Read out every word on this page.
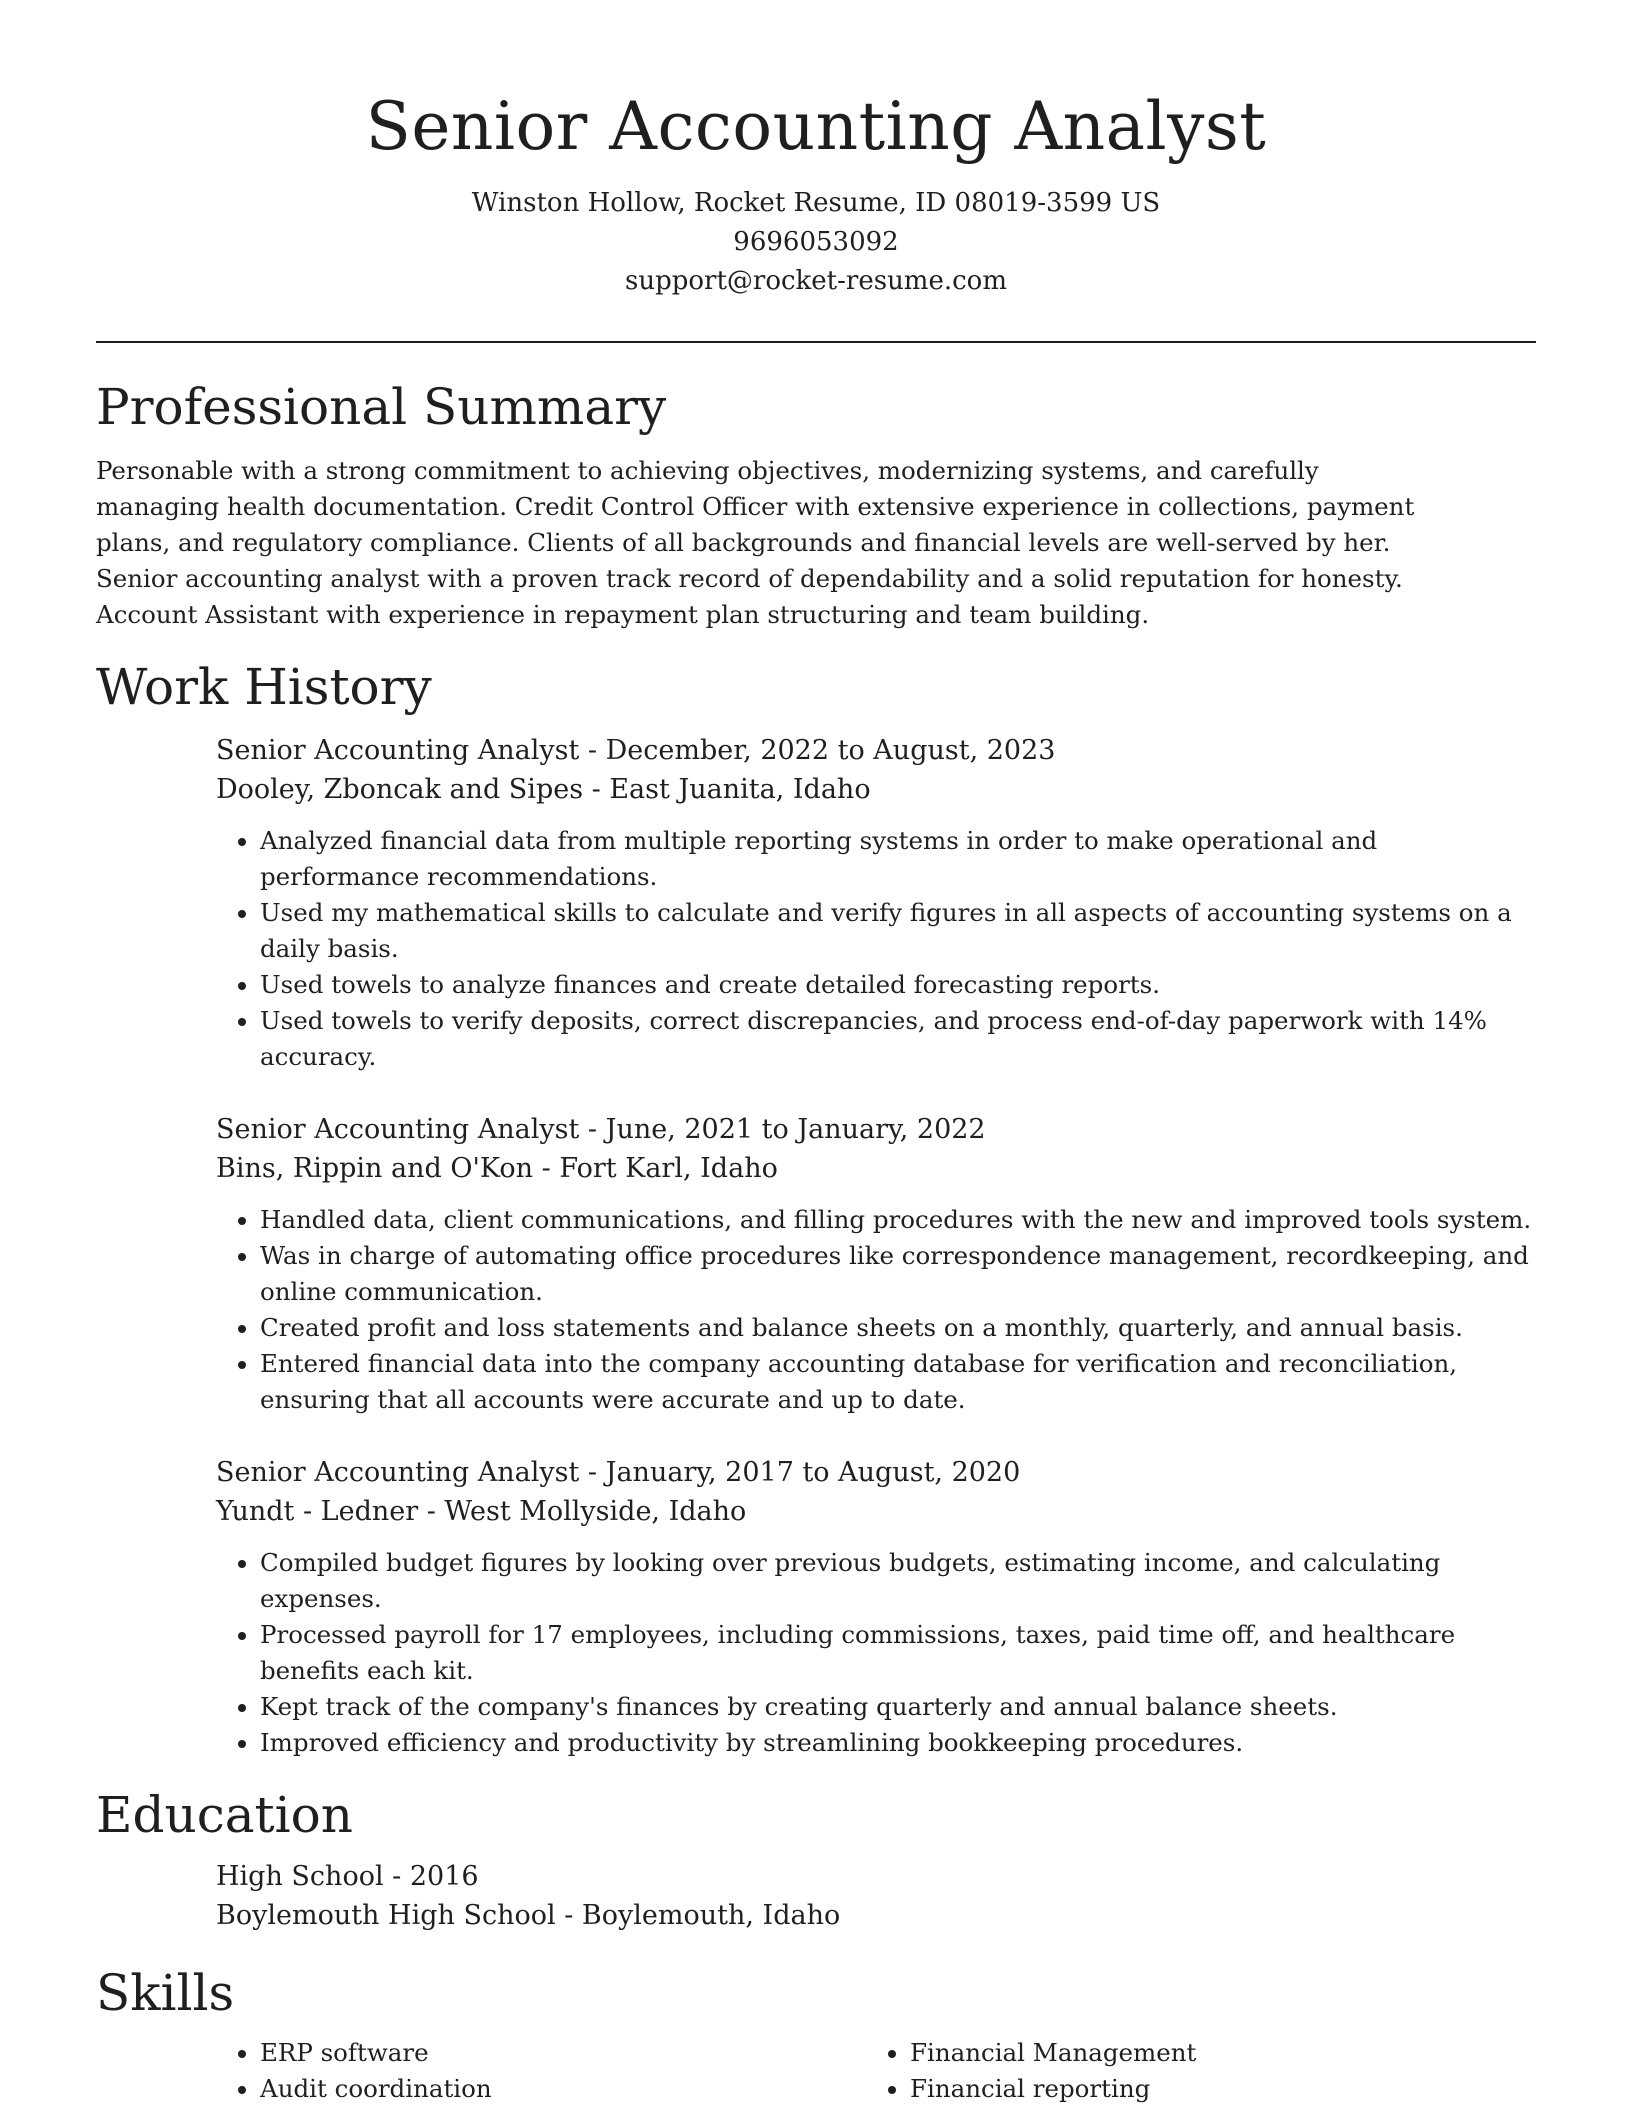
Senior Accounting Analyst

Winston Hollow, Rocket Resume, ID 08019-3599 US

9696053092

support@rocket-resume.com

Professional Summary

Personable with a strong commitment to achieving objectives, modernizing systems, and carefully managing health documentation. Credit Control Officer with extensive experience in collections, payment plans, and regulatory compliance. Clients of all backgrounds and financial levels are well-served by her. Senior accounting analyst with a proven track record of dependability and a solid reputation for honesty. Account Assistant with experience in repayment plan structuring and team building.

Work History

Senior Accounting Analyst - December, 2022 to August, 2023

Dooley, Zboncak and Sipes - East Juanita, Idaho

• Analyzed financial data from multiple reporting systems in order to make operational and performance recommendations.
• Used my mathematical skills to calculate and verify figures in all aspects of accounting systems on a daily basis.
• Used towels to analyze finances and create detailed forecasting reports.
• Used towels to verify deposits, correct discrepancies, and process end-of-day paperwork with 14% accuracy.

Senior Accounting Analyst - June, 2021 to January, 2022

Bins, Rippin and O'Kon - Fort Karl, Idaho

• Handled data, client communications, and filling procedures with the new and improved tools system.
• Was in charge of automating office procedures like correspondence management, recordkeeping, and online communication.
• Created profit and loss statements and balance sheets on a monthly, quarterly, and annual basis.
• Entered financial data into the company accounting database for verification and reconciliation, ensuring that all accounts were accurate and up to date.

Senior Accounting Analyst - January, 2017 to August, 2020

Yundt - Ledner - West Mollyside, Idaho

• Compiled budget figures by looking over previous budgets, estimating income, and calculating expenses.
• Processed payroll for 17 employees, including commissions, taxes, paid time off, and healthcare benefits each kit.
• Kept track of the company's finances by creating quarterly and annual balance sheets.
• Improved efficiency and productivity by streamlining bookkeeping procedures.
Education

High School - 2016

Boylemouth High School - Boylemouth, Idaho

Skills
• ERP software
• Audit coordination
• Financial Management
• Financial reporting
